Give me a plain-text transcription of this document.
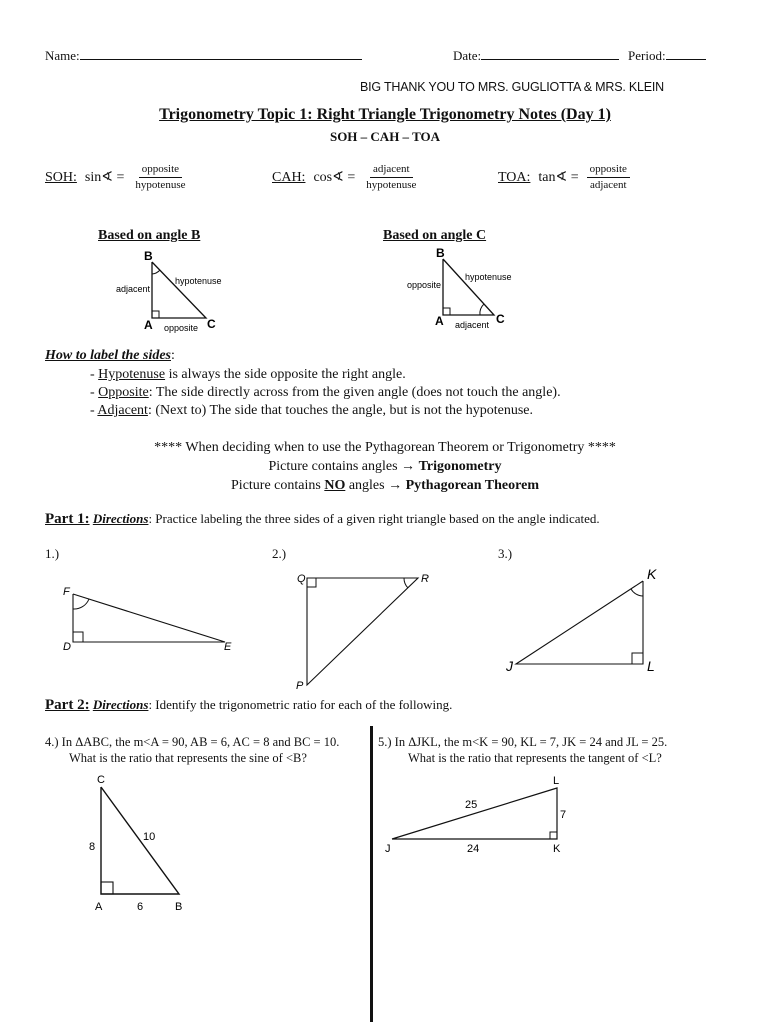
Name:	Date:	Period:
BIG THANK YOU TO MRS. GUGLIOTTA & MRS. KLEIN
Trigonometry Topic 1: Right Triangle Trigonometry Notes (Day 1)
SOH – CAH – TOA
SOH: sin∢ = $\frac{\text{opposite}}{\text{hypotenuse}}$	CAH: cos∢ = $\frac{\text{adjacent}}{\text{hypotenuse}}$	TOA: tan∢ = $\frac{\text{opposite}}{\text{adjacent}}$
Based on angle B
B
A	C
adjacent
hypotenuse
opposite
Based on angle C
B
A	C
opposite
hypotenuse
adjacent
How to label the sides:
- Hypotenuse is always the side opposite the right angle.
- Opposite: The side directly across from the given angle (does not touch the angle).
- Adjacent: (Next to) The side that touches the angle, but is not the hypotenuse.
**** When deciding when to use the Pythagorean Theorem or Trigonometry ****
Picture contains angles → Trigonometry
Picture contains NO angles → Pythagorean Theorem
Part 1: Directions: Practice labeling the three sides of a given right triangle based on the angle indicated.
1.)	2.)	3.)
F
D	E
Q	R
P
K
J	L
Part 2: Directions: Identify the trigonometric ratio for each of the following.
4.) In ΔABC, the m<A = 90, AB = 6, AC = 8 and BC = 10.
What is the ratio that represents the sine of <B?
5.) In ΔJKL, the m<K = 90, KL = 7, JK = 24 and JL = 25.
What is the ratio that represents the tangent of <L?
C
A	B
8
6
10
L
J	K
25
7
24
